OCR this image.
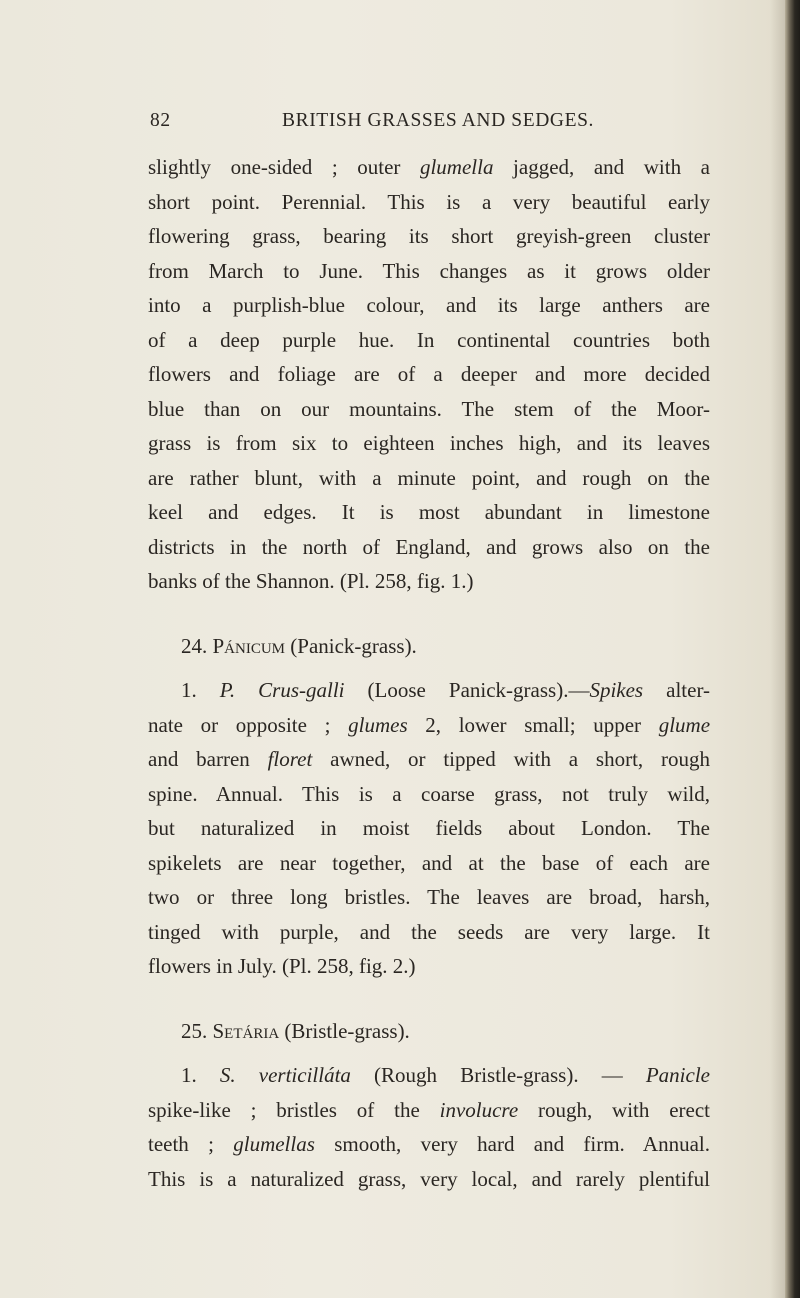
82	BRITISH GRASSES AND SEDGES.
slightly one-sided ; outer glumella jagged, and with a
short point. Perennial. This is a very beautiful early
flowering grass, bearing its short greyish-green cluster
from March to June. This changes as it grows older
into a purplish-blue colour, and its large anthers are
of a deep purple hue. In continental countries both
flowers and foliage are of a deeper and more decided
blue than on our mountains. The stem of the Moor-
grass is from six to eighteen inches high, and its leaves
are rather blunt, with a minute point, and rough on the
keel and edges. It is most abundant in limestone
districts in the north of England, and grows also on the
banks of the Shannon. (Pl. 258, fig. 1.)
24. Pánicum (Panick-grass).
1. P. Crus-galli (Loose Panick-grass).—Spikes alter-
nate or opposite ; glumes 2, lower small; upper glume
and barren floret awned, or tipped with a short, rough
spine. Annual. This is a coarse grass, not truly wild,
but naturalized in moist fields about London. The
spikelets are near together, and at the base of each are
two or three long bristles. The leaves are broad, harsh,
tinged with purple, and the seeds are very large. It
flowers in July. (Pl. 258, fig. 2.)
25. Setária (Bristle-grass).
1. S. verticilláta (Rough Bristle-grass). — Panicle
spike-like ; bristles of the involucre rough, with erect
teeth ; glumellas smooth, very hard and firm. Annual.
This is a naturalized grass, very local, and rarely plentiful
